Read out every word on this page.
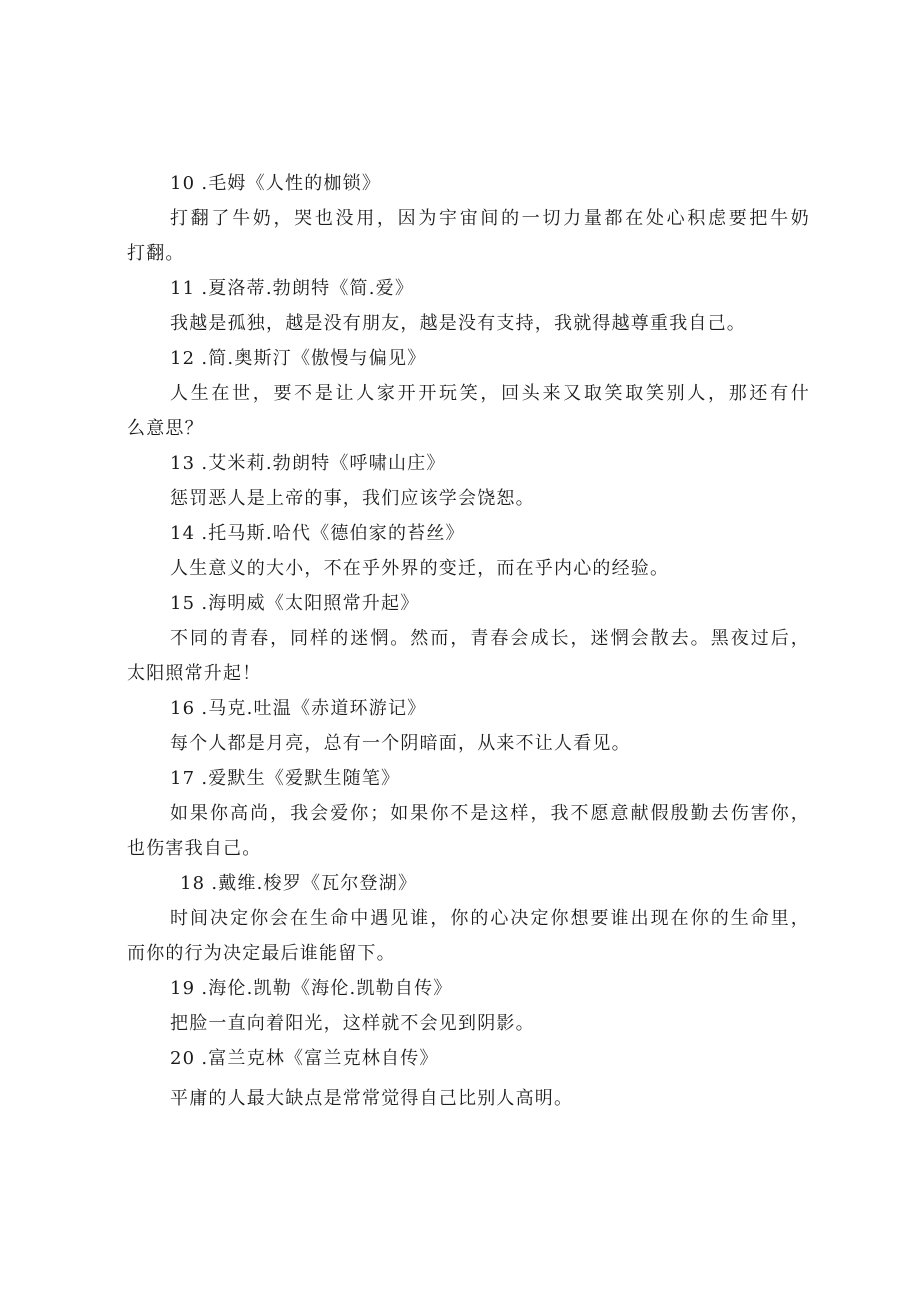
10 .毛姆《人性的枷锁》
打翻了牛奶，哭也没用，因为宇宙间的一切力量都在处心积虑要把牛奶
打翻。
11 .夏洛蒂.勃朗特《简.爱》
我越是孤独，越是没有朋友，越是没有支持，我就得越尊重我自己。
12 .简.奥斯汀《傲慢与偏见》
人生在世，要不是让人家开开玩笑，回头来又取笑取笑别人，那还有什
么意思？
13 .艾米莉.勃朗特《呼啸山庄》
惩罚恶人是上帝的事，我们应该学会饶恕。
14 .托马斯.哈代《德伯家的苔丝》
人生意义的大小，不在乎外界的变迁，而在乎内心的经验。
15 .海明威《太阳照常升起》
不同的青春，同样的迷惘。然而，青春会成长，迷惘会散去。黑夜过后，
太阳照常升起！
16 .马克.吐温《赤道环游记》
每个人都是月亮，总有一个阴暗面，从来不让人看见。
17 .爱默生《爱默生随笔》
如果你高尚，我会爱你；如果你不是这样，我不愿意献假殷勤去伤害你，
也伤害我自己。
18 .戴维.梭罗《瓦尔登湖》
时间决定你会在生命中遇见谁，你的心决定你想要谁出现在你的生命里，
而你的行为决定最后谁能留下。
19 .海伦.凯勒《海伦.凯勒自传》
把脸一直向着阳光，这样就不会见到阴影。
20 .富兰克林《富兰克林自传》
平庸的人最大缺点是常常觉得自己比别人高明。
